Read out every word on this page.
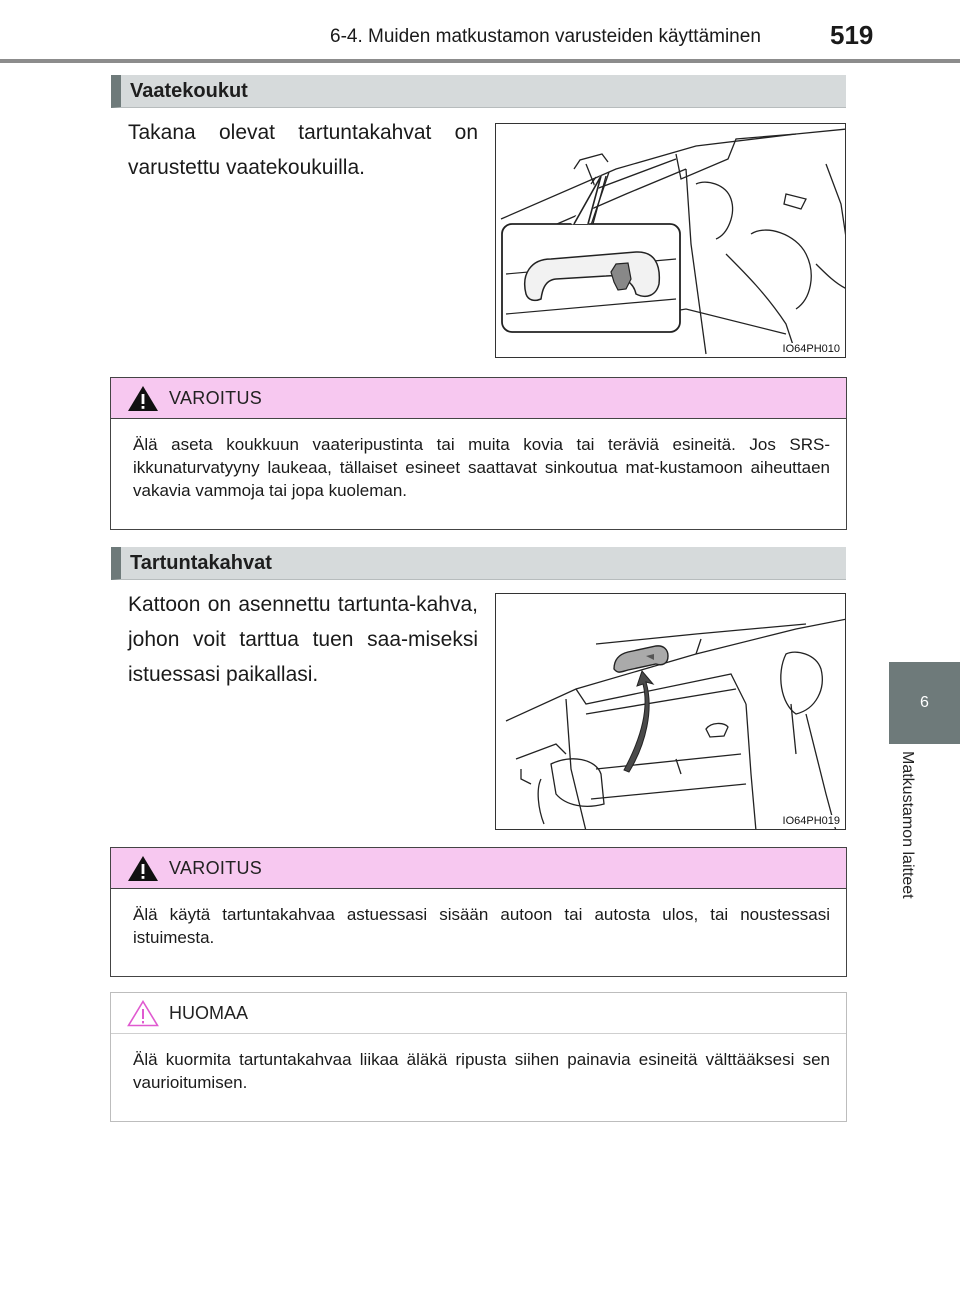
6-4. Muiden matkustamon varusteiden käyttäminen	519
6
Matkustamon laitteet
Vaatekoukut
Takana olevat tartuntakahvat on varustettu vaatekoukuilla.
IO64PH010
VAROITUS
Älä aseta koukkuun vaateripustinta tai muita kovia tai teräviä esineitä. Jos SRS-ikkunaturvatyyny laukeaa, tällaiset esineet saattavat sinkoutua mat-kustamoon aiheuttaen vakavia vammoja tai jopa kuoleman.
Tartuntakahvat
Kattoon on asennettu tartunta-kahva, johon voit tarttua tuen saa-miseksi istuessasi paikallasi.
IO64PH019
VAROITUS
Älä käytä tartuntakahvaa astuessasi sisään autoon tai autosta ulos, tai noustessasi istuimesta.
HUOMAA
Älä kuormita tartuntakahvaa liikaa äläkä ripusta siihen painavia esineitä välttääksesi sen vaurioitumisen.
